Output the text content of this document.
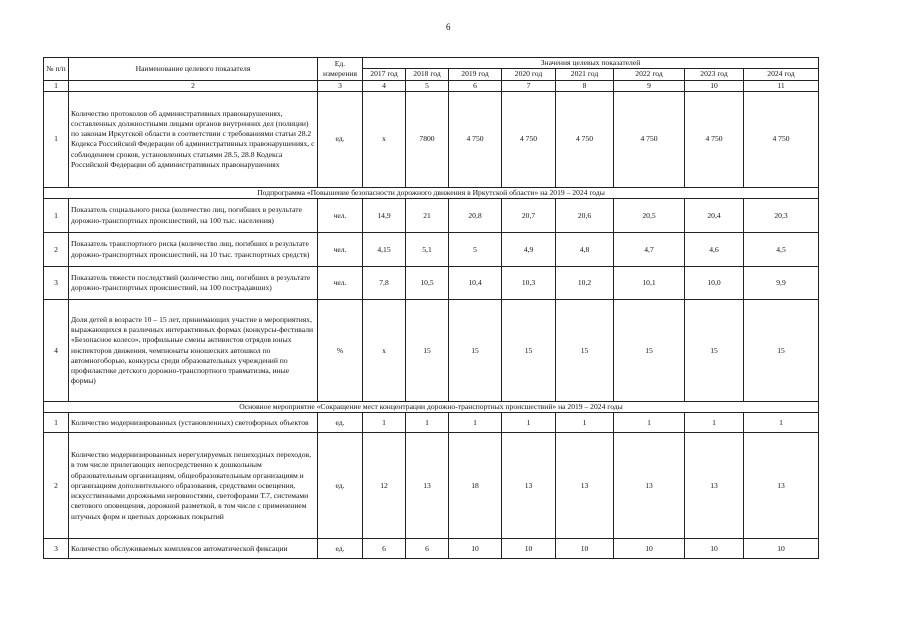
6
№ п/п	Наименование целевого показателя	Ед. измерения	Значения целевых показателей							
			2017 год	2018 год	2019 год	2020 год	2021 год	2022 год	2023 год	2024 год
1	2	3	4	5	6	7	8	9	10	11
1	Количество протоколов об административных правонарушениях, составленных должностными лицами органов внутренних дел (полиции) по законам Иркутской области в соответствии с требованиями статьи 28.2 Кодекса Российской Федерации об административных правонарушениях, с соблюдением сроков, установленных статьями 28.5, 28.8 Кодекса Российской Федерации об административных правонарушениях	ед.	х	7800	4 750	4 750	4 750	4 750	4 750	4 750
Подпрограмма «Повышение безопасности дорожного движения в Иркутской области» на 2019 – 2024 годы										
1	Показатель социального риска (количество лиц, погибших в результате дорожно-транспортных происшествий, на 100 тыс. населения)	чел.	14,9	21	20,8	20,7	20,6	20,5	20,4	20,3
2	Показатель транспортного риска (количество лиц, погибших в результате дорожно-транспортных происшествий, на 10 тыс. транспортных средств)	чел.	4,15	5,1	5	4,9	4,8	4,7	4,6	4,5
3	Показатель тяжести последствий (количество лиц, погибших в результате дорожно-транспортных происшествий, на 100 пострадавших)	чел.	7,8	10,5	10,4	10,3	10,2	10,1	10,0	9,9
4	Доля детей в возрасте 10 – 15 лет, принимающих участие в мероприятиях, выражающихся в различных интерактивных формах (конкурсы-фестивали «Безопасное колесо», профильные смены активистов отрядов юных инспекторов движения, чемпионаты юношеских автошкол по автомногоборью, конкурсы среди образовательных учреждений по профилактике детского дорожно-транспортного травматизма, иные формы)	%	х	15	15	15	15	15	15	15
Основное мероприятие «Сокращение мест концентрации дорожно-транспортных происшествий» на 2019 – 2024 годы										
1	Количество модернизированных (установленных) светофорных объектов	ед.	1	1	1	1	1	1	1	1
2	Количество модернизированных нерегулируемых пешеходных переходов, в том числе прилегающих непосредственно к дошкольным образовательным организациям, общеобразовательным организациям и организациям дополнительного образования, средствами освещения, искусственными дорожными неровностями, светофорами Т.7, системами светового оповещения, дорожной разметкой, в том числе с применением штучных форм и цветных дорожных покрытий	ед.	12	13	18	13	13	13	13	13
3	Количество обслуживаемых комплексов автоматической фиксации	ед.	6	6	10	10	10	10	10	10
